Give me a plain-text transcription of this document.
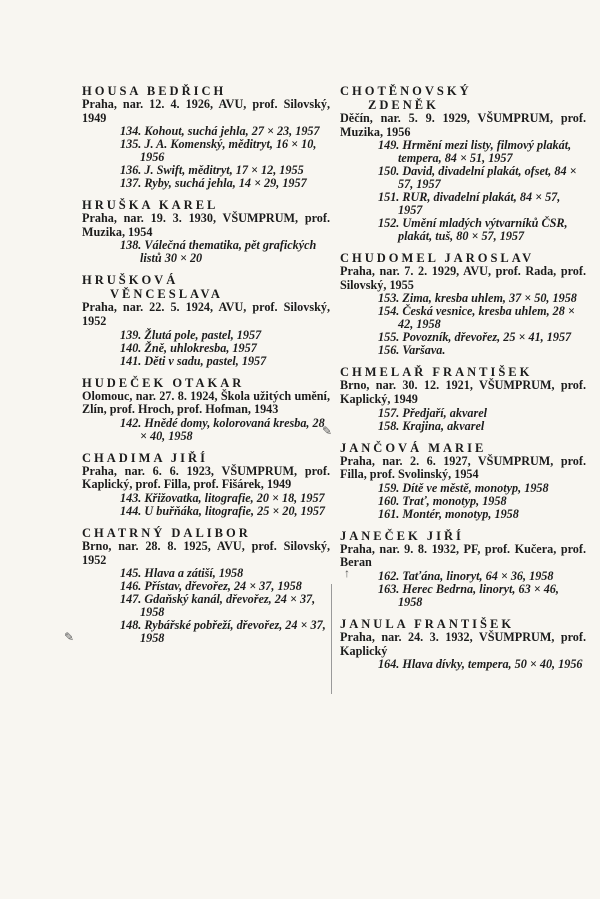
HOUSA BEDŘICH
Praha, nar. 12. 4. 1926, AVU, prof. Silovský, 1949
134. Kohout, suchá jehla, 27 × 23, 1957
135. J. A. Komenský, měditryt, 16 × 10, 1956
136. J. Swift, měditryt, 17 × 12, 1955
137. Ryby, suchá jehla, 14 × 29, 1957
HRUŠKA KAREL
Praha, nar. 19. 3. 1930, VŠUMPRUM, prof. Muzika, 1954
138. Válečná thematika, pět grafických listů 30 × 20
HRUŠKOVÁ
VĚNCESLAVA
Praha, nar. 22. 5. 1924, AVU, prof. Silovský, 1952
139. Žlutá pole, pastel, 1957
140. Žně, uhlokresba, 1957
141. Děti v sadu, pastel, 1957
HUDEČEK OTAKAR
Olomouc, nar. 27. 8. 1924, Škola užitých umění, Zlín, prof. Hroch, prof. Hofman, 1943
142. Hnědé domy, kolorovaná kresba, 28 × 40, 1958
CHADIMA JIŘÍ
Praha, nar. 6. 6. 1923, VŠUMPRUM, prof. Kaplický, prof. Filla, prof. Fišárek, 1949
143. Křižovatka, litografie, 20 × 18, 1957
144. U buřňáka, litografie, 25 × 20, 1957
CHATRNÝ DALIBOR
Brno, nar. 28. 8. 1925, AVU, prof. Silovský, 1952
145. Hlava a zátiší, 1958
146. Přístav, dřevořez, 24 × 37, 1958
147. Gdaňský kanál, dřevořez, 24 × 37, 1958
148. Rybářské pobřeží, dřevořez, 24 × 37, 1958
CHOTĚNOVSKÝ
ZDENĚK
Děčín, nar. 5. 9. 1929, VŠUMPRUM, prof. Muzika, 1956
149. Hrmění mezi listy, filmový plakát, tempera, 84 × 51, 1957
150. David, divadelní plakát, ofset, 84 × 57, 1957
151. RUR, divadelní plakát, 84 × 57, 1957
152. Umění mladých výtvarníků ČSR, plakát, tuš, 80 × 57, 1957
CHUDOMEL JAROSLAV
Praha, nar. 7. 2. 1929, AVU, prof. Rada, prof. Silovský, 1955
153. Zima, kresba uhlem, 37 × 50, 1958
154. Česká vesnice, kresba uhlem, 28 × 42, 1958
155. Povozník, dřevořez, 25 × 41, 1957
156. Varšava.
CHMELAŘ FRANTIŠEK
Brno, nar. 30. 12. 1921, VŠUMPRUM, prof. Kaplický, 1949
157. Předjaří, akvarel
158. Krajina, akvarel
JANČOVÁ MARIE
Praha, nar. 2. 6. 1927, VŠUMPRUM, prof. Filla, prof. Svolinský, 1954
159. Dítě ve městě, monotyp, 1958
160. Trať, monotyp, 1958
161. Montér, monotyp, 1958
JANEČEK JIŘÍ
Praha, nar. 9. 8. 1932, PF, prof. Kučera, prof. Beran
162. Taťána, linoryt, 64 × 36, 1958
163. Herec Bedrna, linoryt, 63 × 46, 1958
JANULA FRANTIŠEK
Praha, nar. 24. 3. 1932, VŠUMPRUM, prof. Kaplický
164. Hlava dívky, tempera, 50 × 40, 1956
✎
✎
↑
